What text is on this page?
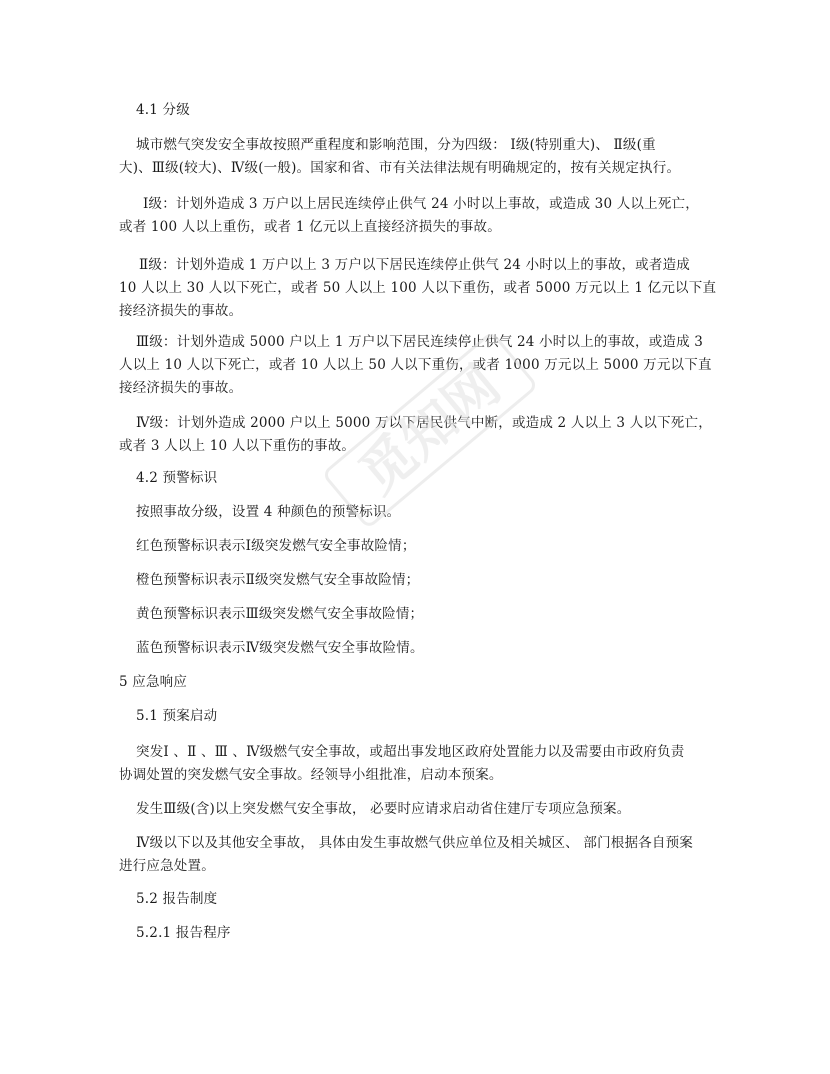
4.1 分级
城市燃气突发安全事故按照严重程度和影响范围，分为四级： Ⅰ级(特别重大)、 Ⅱ级(重
大)、Ⅲ级(较大)、Ⅳ级(一般)。国家和省、市有关法律法规有明确规定的，按有关规定执行。
Ⅰ级：计划外造成 3 万户以上居民连续停止供气 24 小时以上事故，或造成 30 人以上死亡，
或者 100 人以上重伤，或者 1 亿元以上直接经济损失的事故。
Ⅱ级：计划外造成 1 万户以上 3 万户以下居民连续停止供气 24 小时以上的事故，或者造成
10 人以上 30 人以下死亡，或者 50 人以上 100 人以下重伤，或者 5000 万元以上 1 亿元以下直
接经济损失的事故。
Ⅲ级：计划外造成 5000 户以上 1 万户以下居民连续停止供气 24 小时以上的事故，或造成 3
人以上 10 人以下死亡，或者 10 人以上 50 人以下重伤，或者 1000 万元以上 5000 万元以下直
接经济损失的事故。
Ⅳ级：计划外造成 2000 户以上 5000 万以下居民供气中断，或造成 2 人以上 3 人以下死亡，
或者 3 人以上 10 人以下重伤的事故。
4.2 预警标识
按照事故分级，设置 4 种颜色的预警标识。
红色预警标识表示Ⅰ级突发燃气安全事故险情；
橙色预警标识表示Ⅱ级突发燃气安全事故险情；
黄色预警标识表示Ⅲ级突发燃气安全事故险情；
蓝色预警标识表示Ⅳ级突发燃气安全事故险情。
5 应急响应
5.1 预案启动
突发Ⅰ 、Ⅱ 、Ⅲ 、Ⅳ级燃气安全事故，或超出事发地区政府处置能力以及需要由市政府负责
协调处置的突发燃气安全事故。经领导小组批准，启动本预案。
发生Ⅲ级(含)以上突发燃气安全事故， 必要时应请求启动省住建厅专项应急预案。
Ⅳ级以下以及其他安全事故， 具体由发生事故燃气供应单位及相关城区、 部门根据各自预案
进行应急处置。
5.2 报告制度
5.2.1 报告程序
觅知网
